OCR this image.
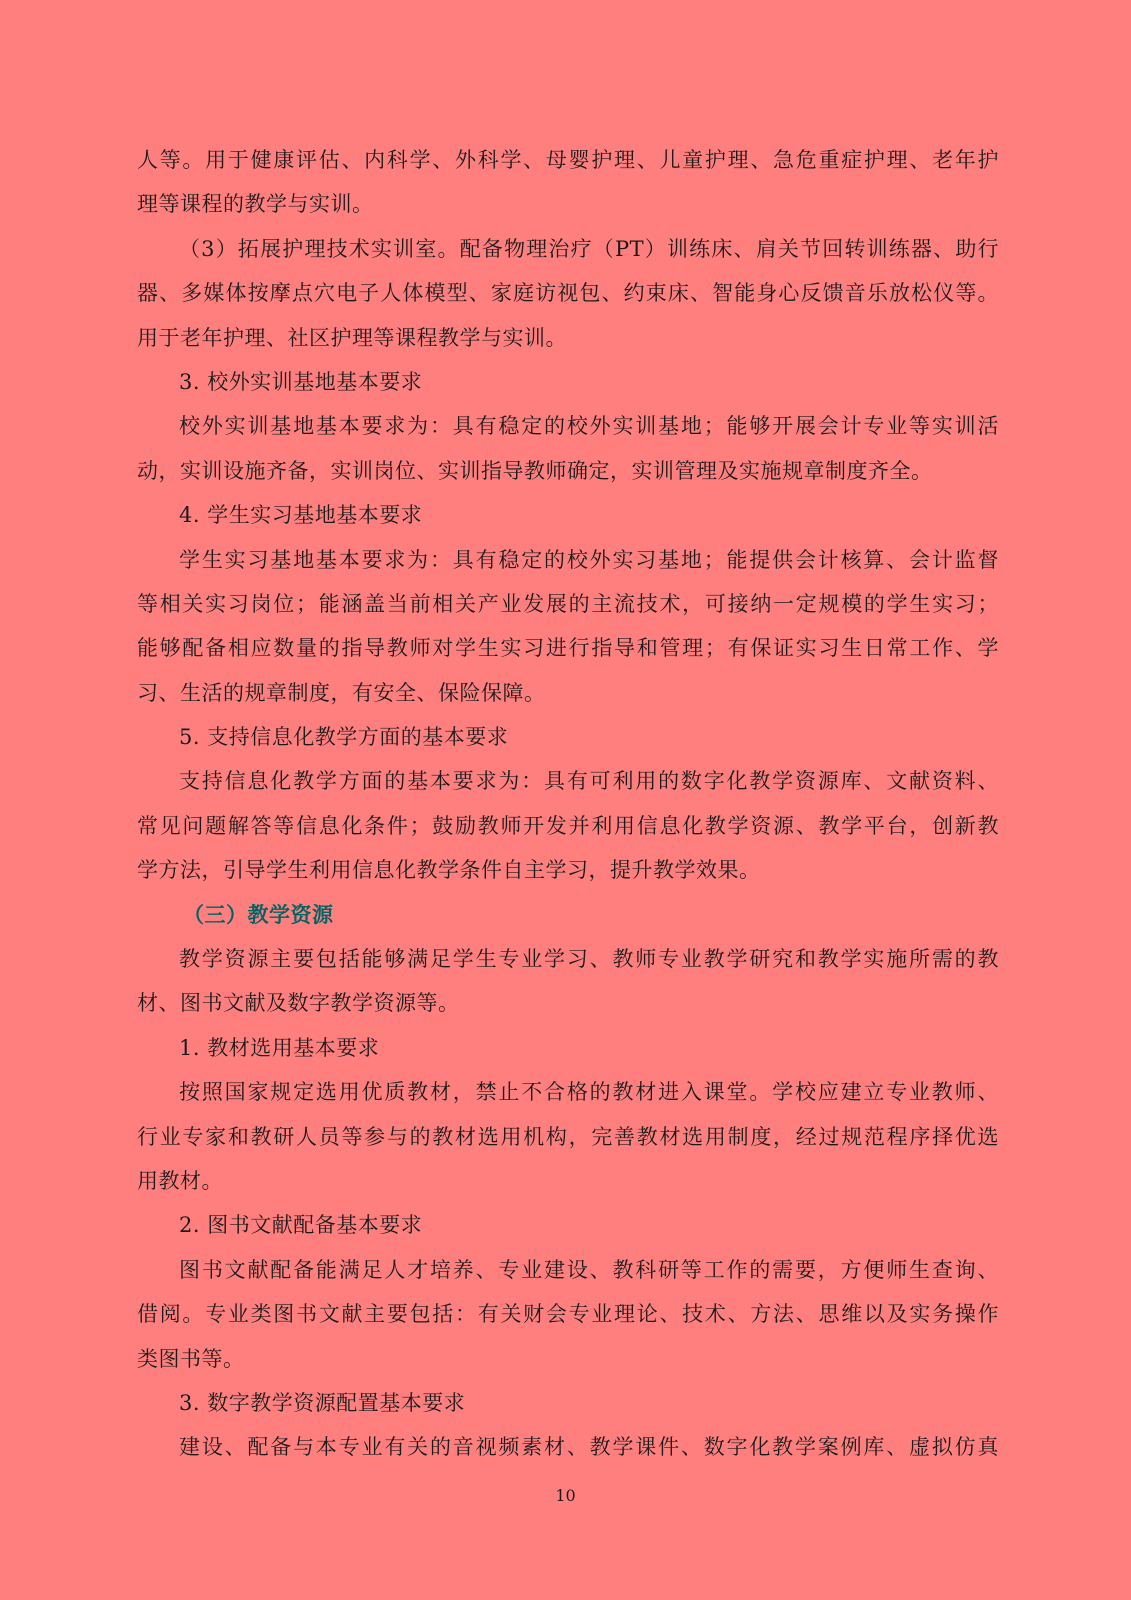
人等。用于健康评估、内科学、外科学、母婴护理、儿童护理、急危重症护理、老年护
理等课程的教学与实训。
（3）拓展护理技术实训室。配备物理治疗（PT）训练床、肩关节回转训练器、助行
器、多媒体按摩点穴电子人体模型、家庭访视包、约束床、智能身心反馈音乐放松仪等。
用于老年护理、社区护理等课程教学与实训。
3. 校外实训基地基本要求
校外实训基地基本要求为：具有稳定的校外实训基地；能够开展会计专业等实训活
动，实训设施齐备，实训岗位、实训指导教师确定，实训管理及实施规章制度齐全。
4. 学生实习基地基本要求
学生实习基地基本要求为：具有稳定的校外实习基地；能提供会计核算、会计监督
等相关实习岗位；能涵盖当前相关产业发展的主流技术，可接纳一定规模的学生实习；
能够配备相应数量的指导教师对学生实习进行指导和管理；有保证实习生日常工作、学
习、生活的规章制度，有安全、保险保障。
5. 支持信息化教学方面的基本要求
支持信息化教学方面的基本要求为：具有可利用的数字化教学资源库、文献资料、
常见问题解答等信息化条件；鼓励教师开发并利用信息化教学资源、教学平台，创新教
学方法，引导学生利用信息化教学条件自主学习，提升教学效果。
（三）教学资源
教学资源主要包括能够满足学生专业学习、教师专业教学研究和教学实施所需的教
材、图书文献及数字教学资源等。
1. 教材选用基本要求
按照国家规定选用优质教材，禁止不合格的教材进入课堂。学校应建立专业教师、
行业专家和教研人员等参与的教材选用机构，完善教材选用制度，经过规范程序择优选
用教材。
2. 图书文献配备基本要求
图书文献配备能满足人才培养、专业建设、教科研等工作的需要，方便师生查询、
借阅。专业类图书文献主要包括：有关财会专业理论、技术、方法、思维以及实务操作
类图书等。
3. 数字教学资源配置基本要求
建设、配备与本专业有关的音视频素材、教学课件、数字化教学案例库、虚拟仿真
10
